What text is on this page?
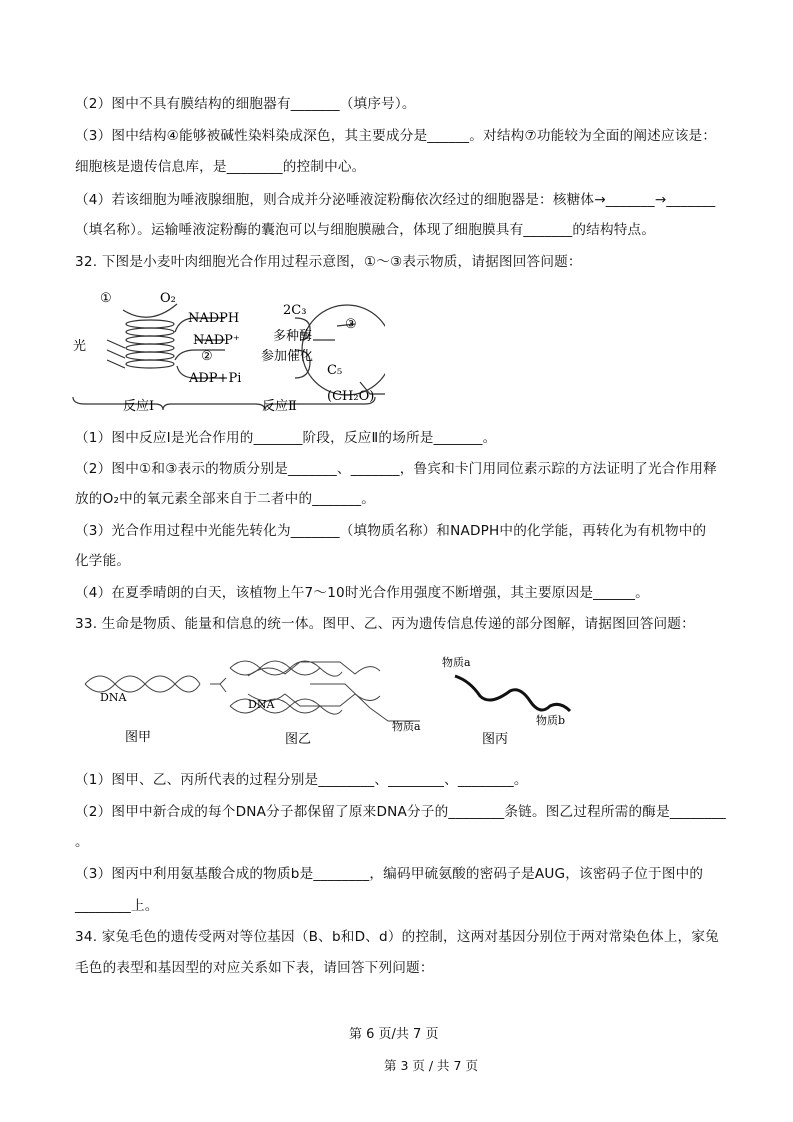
（2）图中不具有膜结构的细胞器有_______（填序号）。
（3）图中结构④能够被碱性染料染成深色，其主要成分是______。对结构⑦功能较为全面的阐述应该是：
细胞核是遗传信息库，是________的控制中心。
（4）若该细胞为唾液腺细胞，则合成并分泌唾液淀粉酶依次经过的细胞器是：核糖体→_______→_______
（填名称）。运输唾液淀粉酶的囊泡可以与细胞膜融合，体现了细胞膜具有_______的结构特点。
32. 下图是小麦叶肉细胞光合作用过程示意图，①～③表示物质，请据图回答问题：
①	O₂
光
NADPH
NADP⁺
②
ADP+Pi
2C₃
多种酶
参加催化
C₅
③
(CH₂O)
反应Ⅰ	反应Ⅱ
（1）图中反应Ⅰ是光合作用的_______阶段，反应Ⅱ的场所是_______。
（2）图中①和③表示的物质分别是_______、_______，鲁宾和卡门用同位素示踪的方法证明了光合作用释
放的O₂中的氧元素全部来自于二者中的_______。
（3）光合作用过程中光能先转化为_______（填物质名称）和NADPH中的化学能，再转化为有机物中的
化学能。
（4）在夏季晴朗的白天，该植物上午7～10时光合作用强度不断增强，其主要原因是______。
33. 生命是物质、能量和信息的统一体。图甲、乙、丙为遗传信息传递的部分图解，请据图回答问题：
DNA
图甲
DNA
物质a
图乙
物质a
物质b
图丙
（1）图甲、乙、丙所代表的过程分别是________、________、________。
（2）图甲中新合成的每个DNA分子都保留了原来DNA分子的________条链。图乙过程所需的酶是________
。
（3）图丙中利用氨基酸合成的物质b是________，编码甲硫氨酸的密码子是AUG，该密码子位于图中的
________上。
34. 家兔毛色的遗传受两对等位基因（B、b和D、d）的控制，这两对基因分别位于两对常染色体上，家兔
毛色的表型和基因型的对应关系如下表，请回答下列问题：
第 6 页/共 7 页
第 3 页 / 共 7 页
